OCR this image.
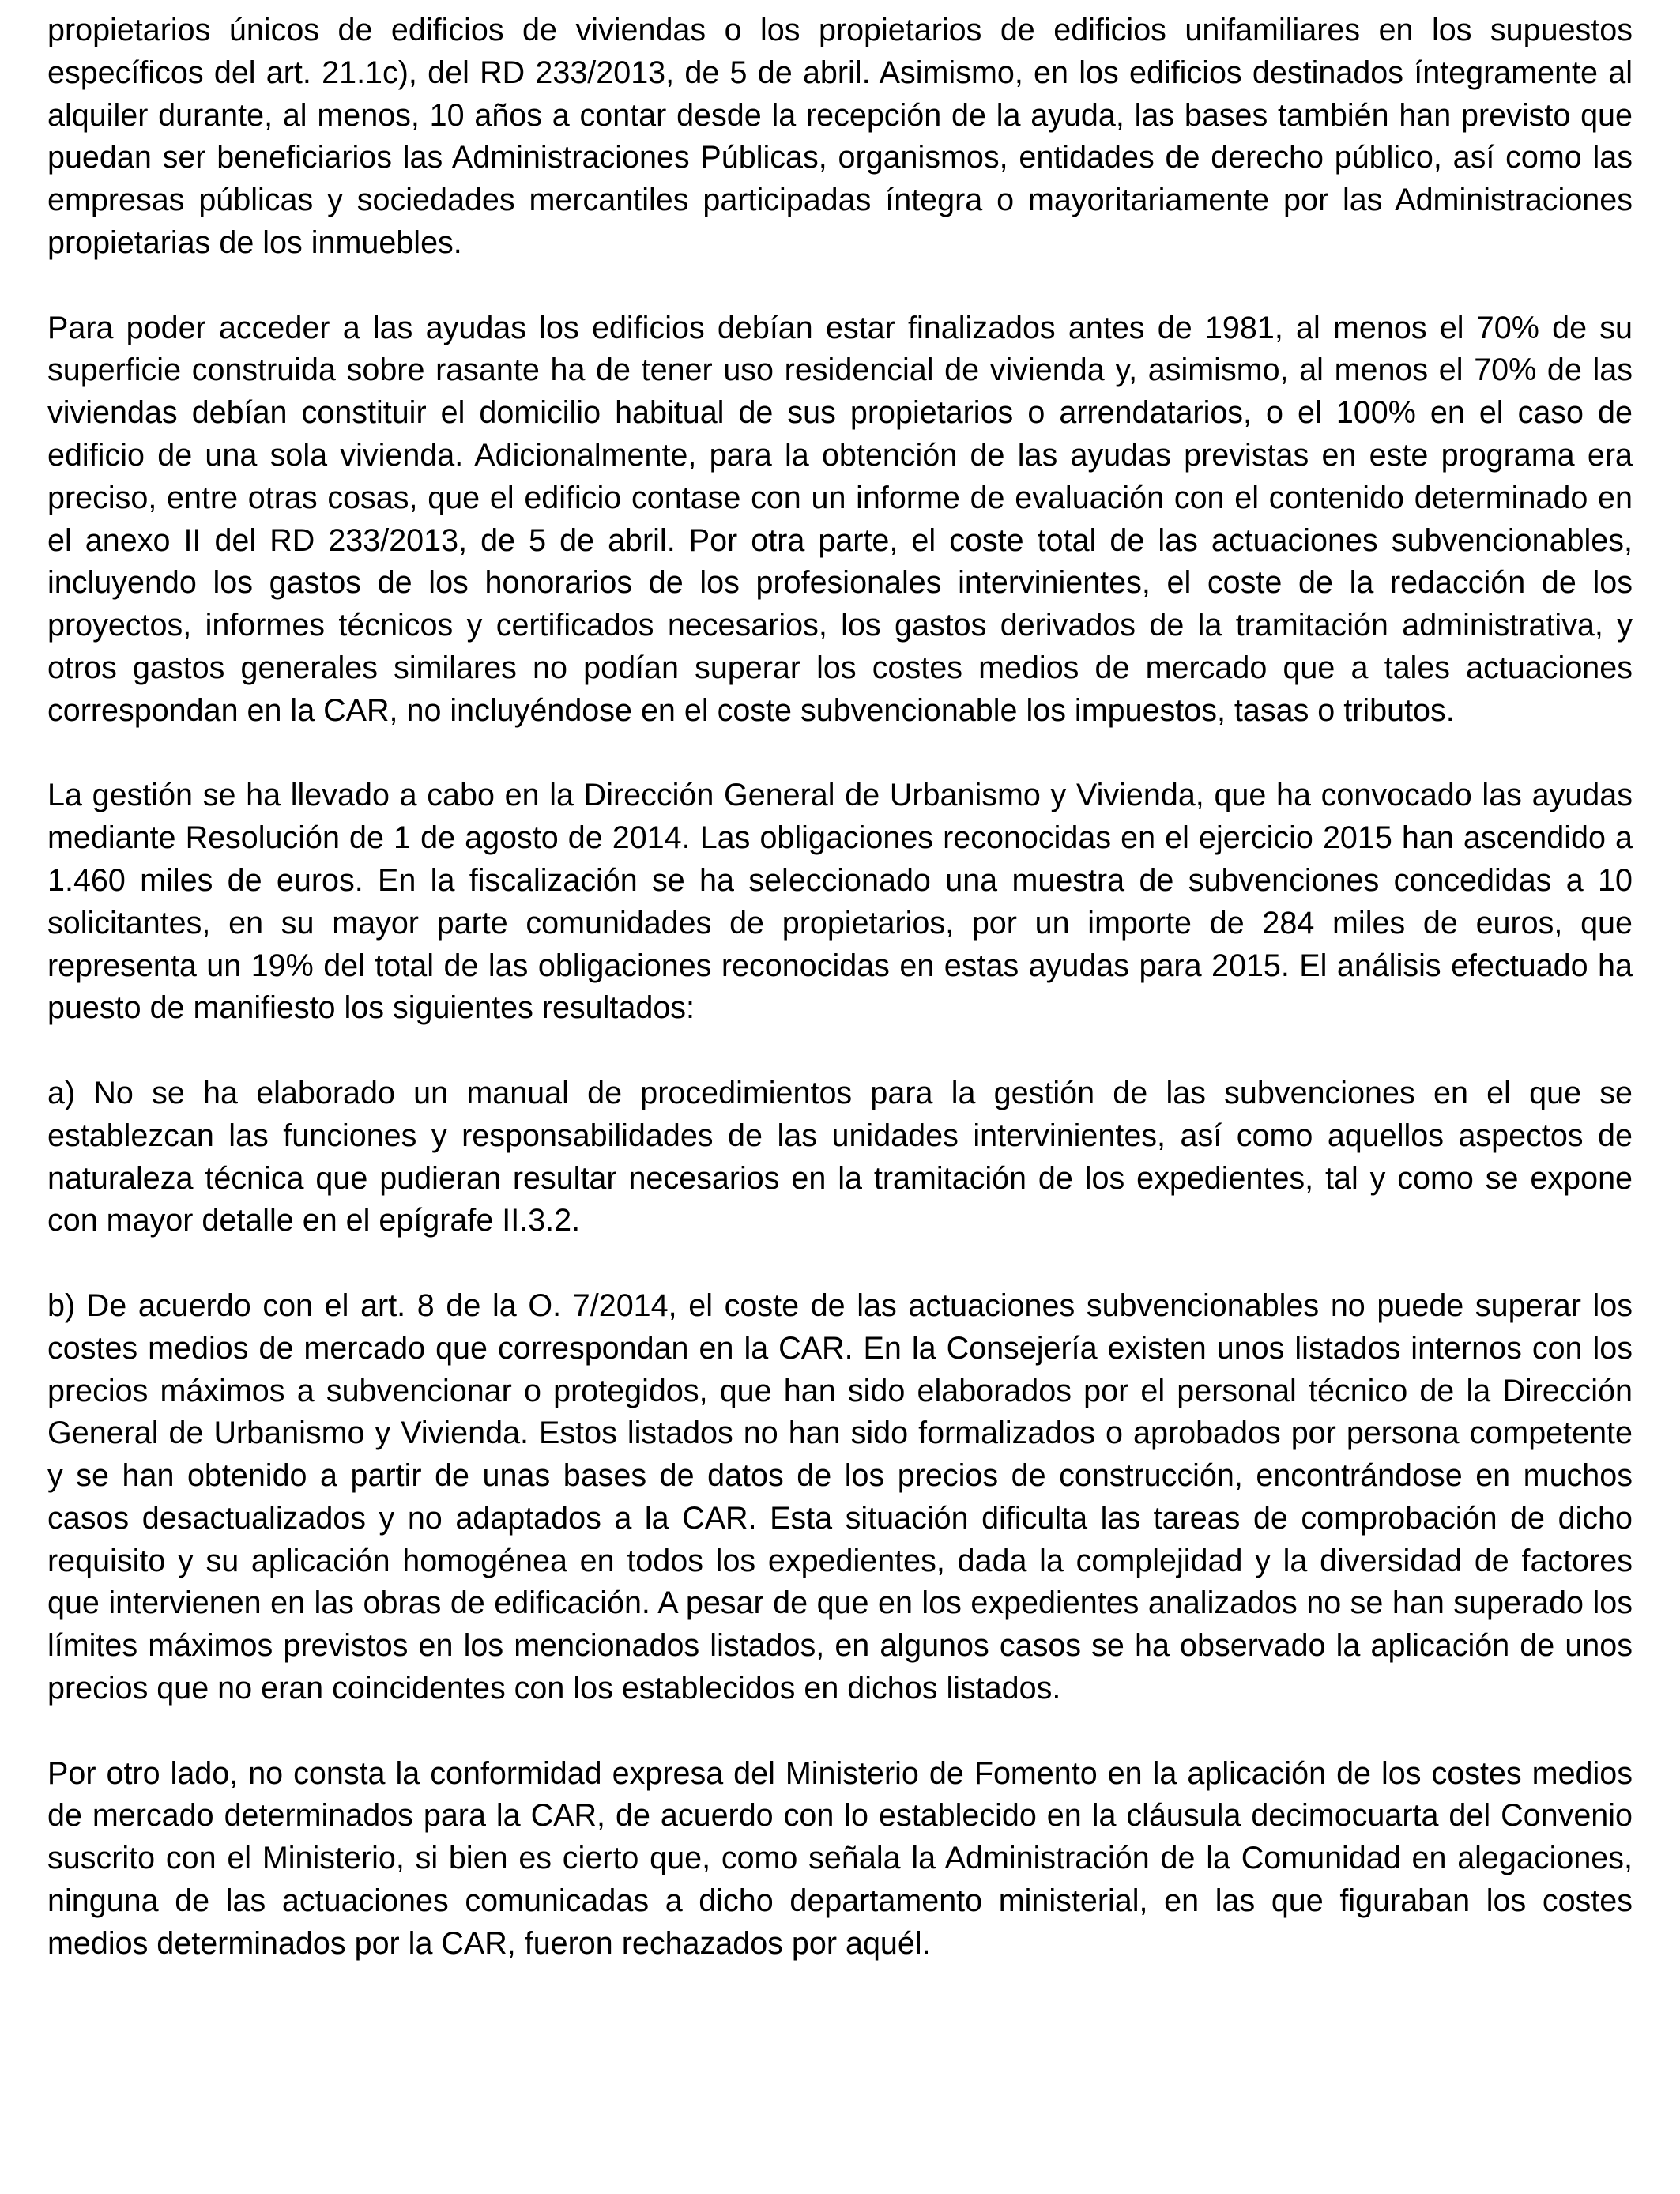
propietarios únicos de edificios de viviendas o los propietarios de edificios unifamiliares en los supuestos específicos del art. 21.1c), del RD 233/2013, de 5 de abril. Asimismo, en los edificios destinados íntegramente al alquiler durante, al menos, 10 años a contar desde la recepción de la ayuda, las bases también han previsto que puedan ser beneficiarios las Administraciones Públicas, organismos, entidades de derecho público, así como las empresas públicas y sociedades mercantiles participadas íntegra o mayoritariamente por las Administraciones propietarias de los inmuebles.

Para poder acceder a las ayudas los edificios debían estar finalizados antes de 1981, al menos el 70% de su superficie construida sobre rasante ha de tener uso residencial de vivienda y, asimismo, al menos el 70% de las viviendas debían constituir el domicilio habitual de sus propietarios o arrendatarios, o el 100% en el caso de edificio de una sola vivienda. Adicionalmente, para la obtención de las ayudas previstas en este programa era preciso, entre otras cosas, que el edificio contase con un informe de evaluación con el contenido determinado en el anexo II del RD 233/2013, de 5 de abril. Por otra parte, el coste total de las actuaciones subvencionables, incluyendo los gastos de los honorarios de los profesionales intervinientes, el coste de la redacción de los proyectos, informes técnicos y certificados necesarios, los gastos derivados de la tramitación administrativa, y otros gastos generales similares no podían superar los costes medios de mercado que a tales actuaciones correspondan en la CAR, no incluyéndose en el coste subvencionable los impuestos, tasas o tributos.

La gestión se ha llevado a cabo en la Dirección General de Urbanismo y Vivienda, que ha convocado las ayudas mediante Resolución de 1 de agosto de 2014. Las obligaciones reconocidas en el ejercicio 2015 han ascendido a 1.460 miles de euros. En la fiscalización se ha seleccionado una muestra de subvenciones concedidas a 10 solicitantes, en su mayor parte comunidades de propietarios, por un importe de 284 miles de euros, que representa un 19% del total de las obligaciones reconocidas en estas ayudas para 2015. El análisis efectuado ha puesto de manifiesto los siguientes resultados:

a) No se ha elaborado un manual de procedimientos para la gestión de las subvenciones en el que se establezcan las funciones y responsabilidades de las unidades intervinientes, así como aquellos aspectos de naturaleza técnica que pudieran resultar necesarios en la tramitación de los expedientes, tal y como se expone con mayor detalle en el epígrafe II.3.2.

b) De acuerdo con el art. 8 de la O. 7/2014, el coste de las actuaciones subvencionables no puede superar los costes medios de mercado que correspondan en la CAR. En la Consejería existen unos listados internos con los precios máximos a subvencionar o protegidos, que han sido elaborados por el personal técnico de la Dirección General de Urbanismo y Vivienda. Estos listados no han sido formalizados o aprobados por persona competente y se han obtenido a partir de unas bases de datos de los precios de construcción, encontrándose en muchos casos desactualizados y no adaptados a la CAR. Esta situación dificulta las tareas de comprobación de dicho requisito y su aplicación homogénea en todos los expedientes, dada la complejidad y la diversidad de factores que intervienen en las obras de edificación. A pesar de que en los expedientes analizados no se han superado los límites máximos previstos en los mencionados listados, en algunos casos se ha observado la aplicación de unos precios que no eran coincidentes con los establecidos en dichos listados.

Por otro lado, no consta la conformidad expresa del Ministerio de Fomento en la aplicación de los costes medios de mercado determinados para la CAR, de acuerdo con lo establecido en la cláusula decimocuarta del Convenio suscrito con el Ministerio, si bien es cierto que, como señala la Administración de la Comunidad en alegaciones, ninguna de las actuaciones comunicadas a dicho departamento ministerial, en las que figuraban los costes medios determinados por la CAR, fueron rechazados por aquél.
